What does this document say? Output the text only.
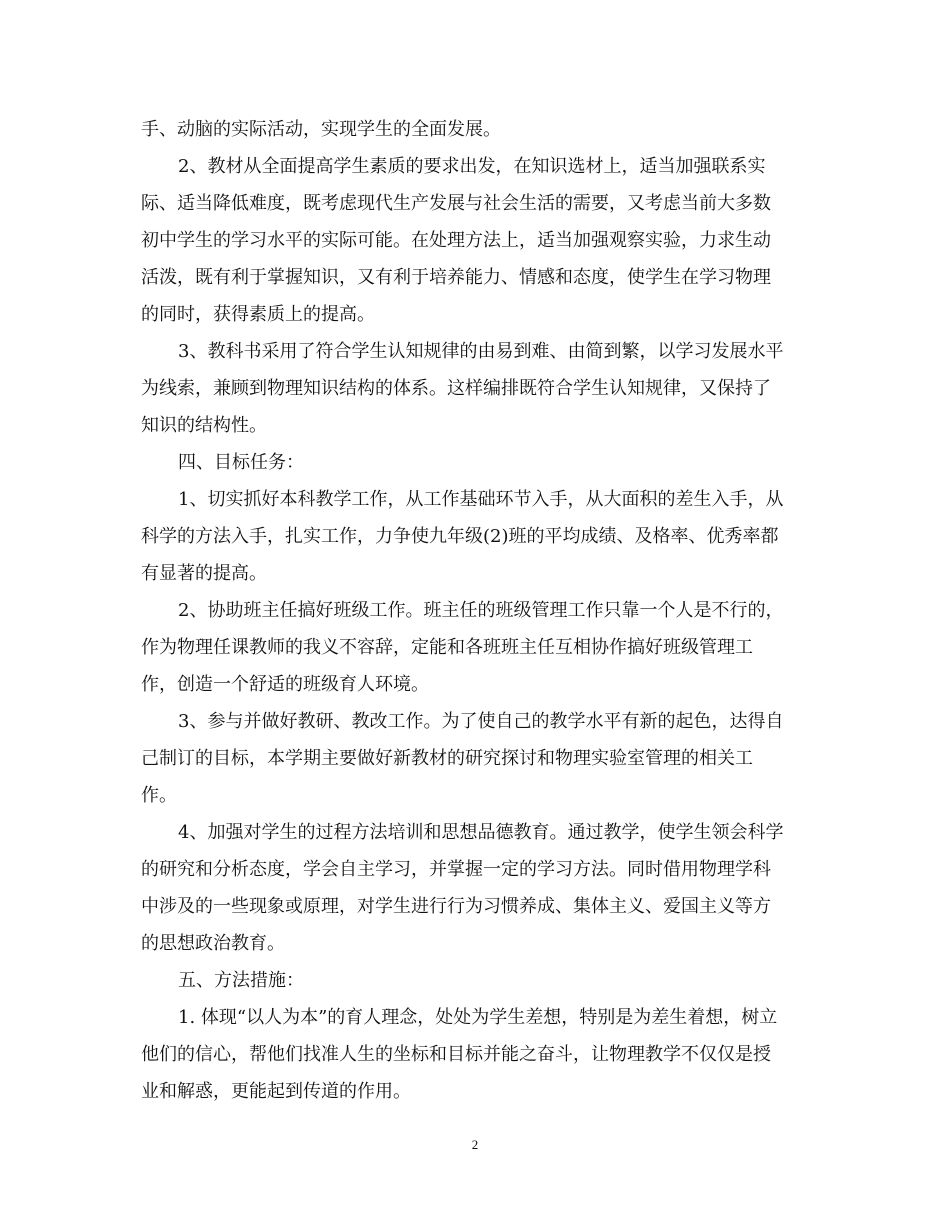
手、动脑的实际活动，实现学生的全面发展。
2、教材从全面提高学生素质的要求出发，在知识选材上，适当加强联系实
际、适当降低难度，既考虑现代生产发展与社会生活的需要，又考虑当前大多数
初中学生的学习水平的实际可能。在处理方法上，适当加强观察实验，力求生动
活泼，既有利于掌握知识，又有利于培养能力、情感和态度，使学生在学习物理
的同时，获得素质上的提高。
3、教科书采用了符合学生认知规律的由易到难、由简到繁，以学习发展水平
为线索，兼顾到物理知识结构的体系。这样编排既符合学生认知规律，又保持了
知识的结构性。
四、目标任务：
1、切实抓好本科教学工作，从工作基础环节入手，从大面积的差生入手，从
科学的方法入手，扎实工作，力争使九年级(2)班的平均成绩、及格率、优秀率都
有显著的提高。
2、协助班主任搞好班级工作。班主任的班级管理工作只靠一个人是不行的，
作为物理任课教师的我义不容辞，定能和各班班主任互相协作搞好班级管理工
作，创造一个舒适的班级育人环境。
3、参与并做好教研、教改工作。为了使自己的教学水平有新的起色，达得自
己制订的目标，本学期主要做好新教材的研究探讨和物理实验室管理的相关工
作。
4、加强对学生的过程方法培训和思想品德教育。通过教学，使学生领会科学
的研究和分析态度，学会自主学习，并掌握一定的学习方法。同时借用物理学科
中涉及的一些现象或原理，对学生进行行为习惯养成、集体主义、爱国主义等方
的思想政治教育。
五、方法措施：
1. 体现“以人为本”的育人理念，处处为学生差想，特别是为差生着想，树立
他们的信心，帮他们找准人生的坐标和目标并能之奋斗，让物理教学不仅仅是授
业和解惑，更能起到传道的作用。
2
